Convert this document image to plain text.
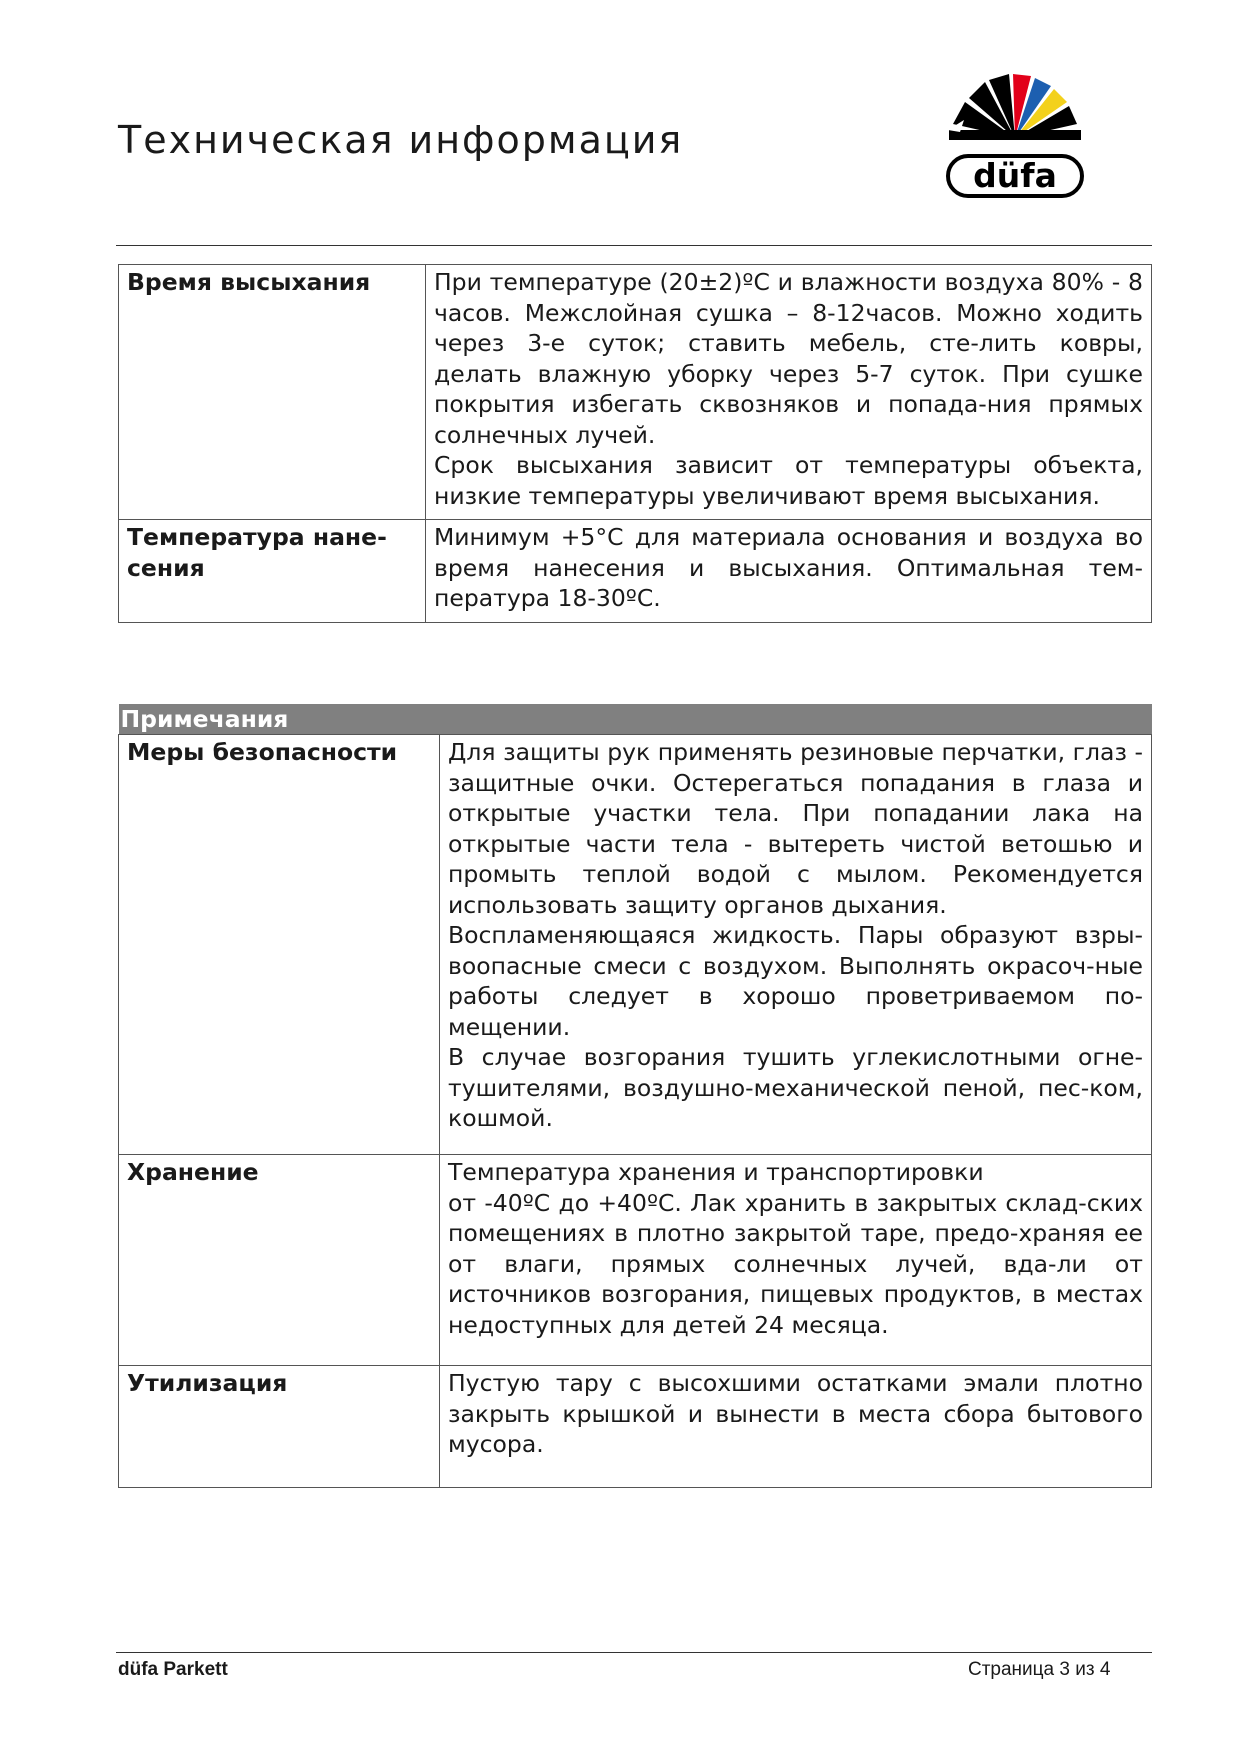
Техническая информация
düfa
Время высыхания	При температуре (20±2)ºС и влажности воздуха 80% - 8 часов. Межслойная сушка – 8-12часов. Можно ходить через 3-е суток; ставить мебель, сте-лить ковры, делать влажную уборку через 5-7 суток. При сушке покрытия избегать сквозняков и попада-ния прямых солнечных лучей.

Срок высыхания зависит от температуры объекта, низкие температуры увеличивают время высыхания.

Температура нане-сения	Минимум +5°C для материала основания и воздуха во время нанесения и высыхания. Оптимальная тем-пература 18-30ºС.

Примечания	

Меры безопасности	Для защиты рук применять резиновые перчатки, глаз - защитные очки. Остерегаться попадания в глаза и открытые участки тела. При попадании лака на открытые части тела - вытереть чистой ветошью и промыть теплой водой с мылом. Рекомендуется использовать защиту органов дыхания.

Воспламеняющаяся жидкость. Пары образуют взры-воопасные смеси с воздухом. Выполнять окрасоч-ные работы следует в хорошо проветриваемом по-мещении.

В случае возгорания тушить углекислотными огне-тушителями, воздушно-механической пеной, пес-ком, кошмой.

Хранение	Температура хранения и транспортировки

от -40ºС до +40ºС. Лак хранить в закрытых склад-ских помещениях в плотно закрытой таре, предо-храняя ее от влаги, прямых солнечных лучей, вда-ли от источников возгорания, пищевых продуктов, в местах недоступных для детей 24 месяца.

Утилизация	Пустую тару с высохшими остатками эмали плотно закрыть крышкой и вынести в места сбора бытового мусора.

düfa Parkett	Страница 3 из 4
